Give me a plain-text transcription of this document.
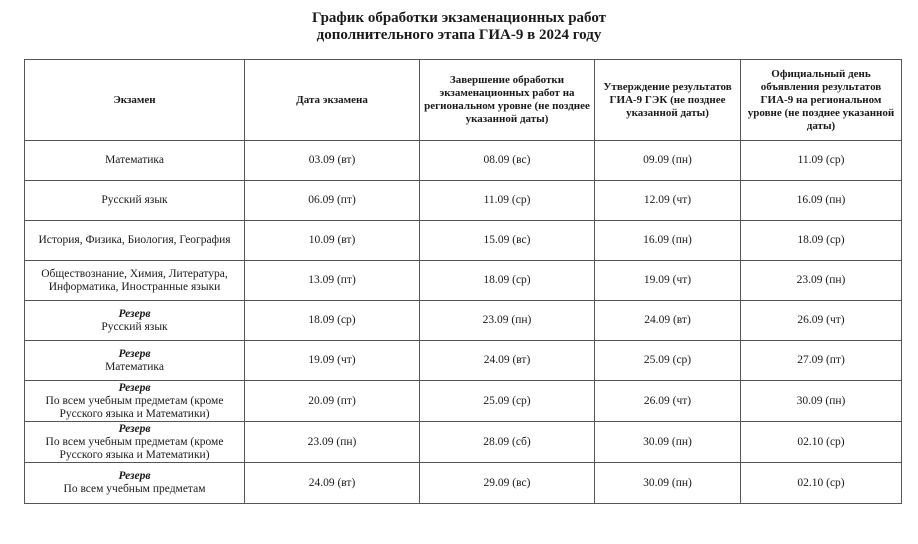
График обработки экзаменационных работ
дополнительного этапа ГИА-9 в 2024 году
Экзамен	Дата экзамена	Завершение обработки экзаменационных работ на региональном уровне (не позднее указанной даты)	Утверждение результатов ГИА-9 ГЭК (не позднее указанной даты)	Официальный день объявления результатов ГИА-9 на региональном уровне (не позднее указанной даты)

Математика	03.09 (вт)	08.09 (вс)	09.09 (пн)	11.09 (ср)

Русский язык	06.09 (пт)	11.09 (ср)	12.09 (чт)	16.09 (пн)

История, Физика, Биология, География	10.09 (вт)	15.09 (вс)	16.09 (пн)	18.09 (ср)

Обществознание, Химия, Литература, Информатика, Иностранные языки	13.09 (пт)	18.09 (ср)	19.09 (чт)	23.09 (пн)

Резерв
Русский язык	18.09 (ср)	23.09 (пн)	24.09 (вт)	26.09 (чт)

Резерв
Математика	19.09 (чт)	24.09 (вт)	25.09 (ср)	27.09 (пт)

Резерв
По всем учебным предметам (кроме Русского языка и Математики)	20.09 (пт)	25.09 (ср)	26.09 (чт)	30.09 (пн)

Резерв
По всем учебным предметам (кроме Русского языка и Математики)	23.09 (пн)	28.09 (сб)	30.09 (пн)	02.10 (ср)

Резерв
По всем учебным предметам	24.09 (вт)	29.09 (вс)	30.09 (пн)	02.10 (ср)
